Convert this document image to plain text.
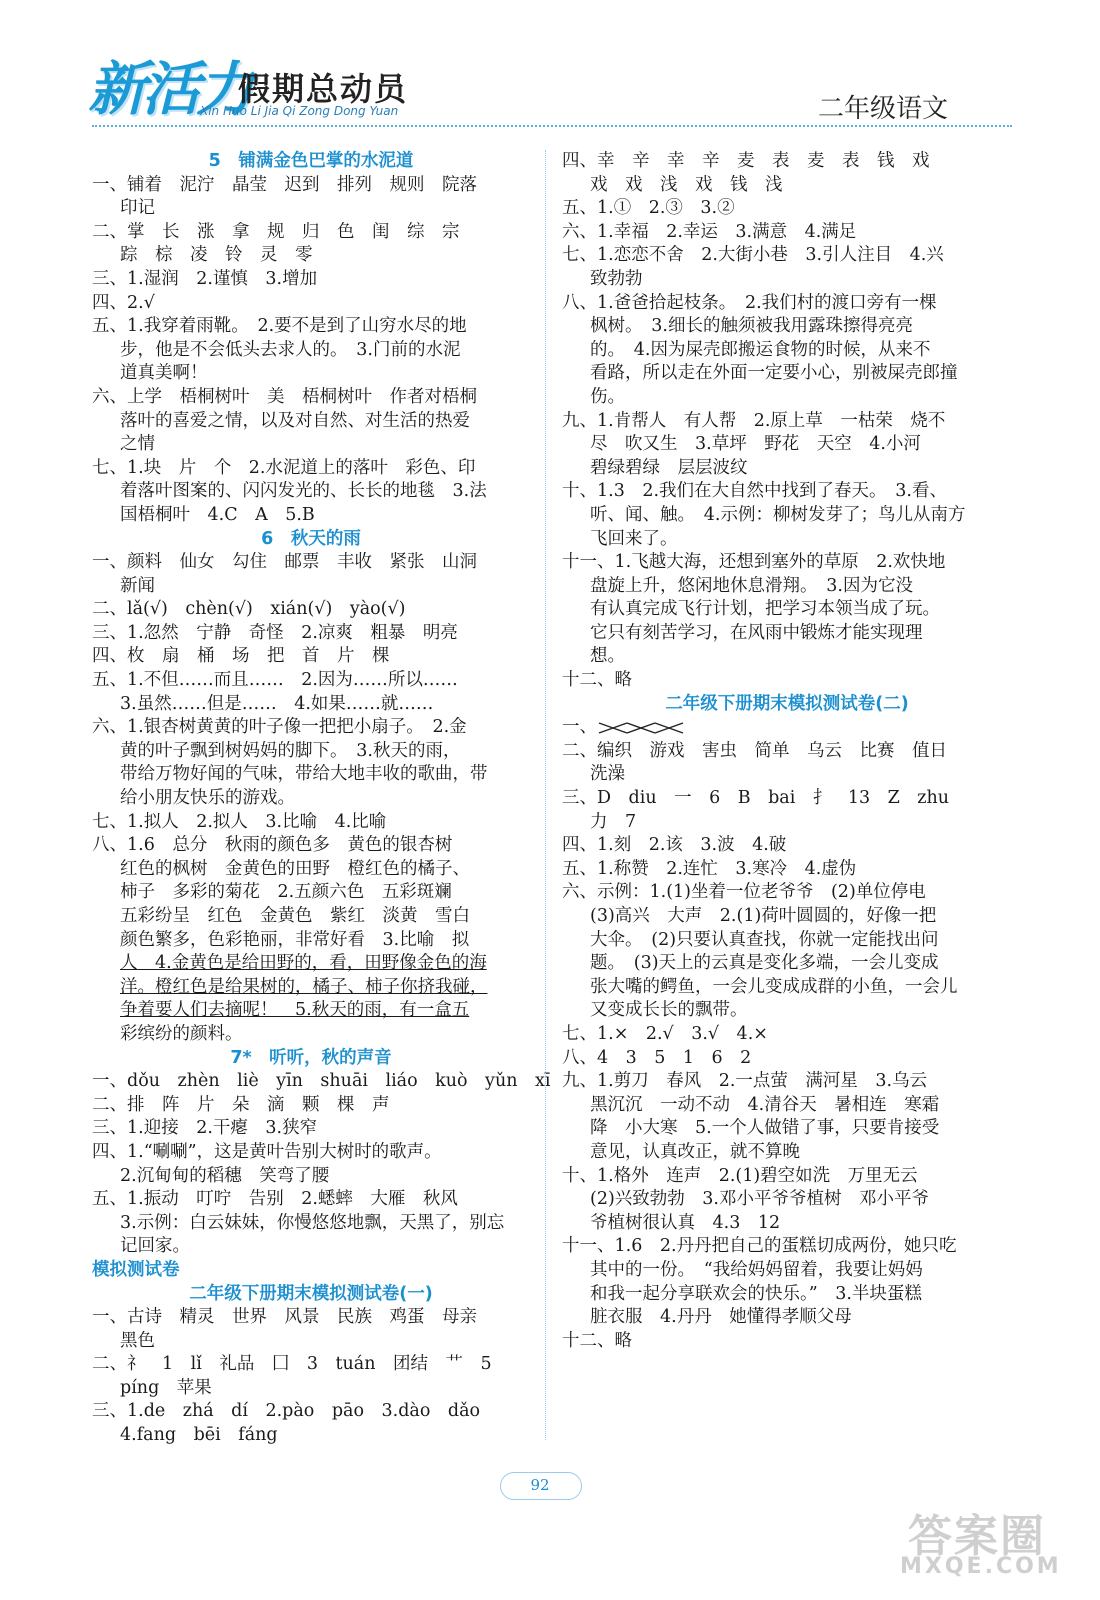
新活力
假期总动员
Xin Huo Li Jia Qi Zong Dong Yuan	二年级语文
5　铺满金色巴掌的水泥道
一、铺着　泥泞　晶莹　迟到　排列　规则　院落
印记
二、掌　长　涨　拿　规　归　色　闺　综　宗
踪　棕　凌　铃　灵　零
三、1.湿润　2.谨慎　3.增加
四、2.√
五、1.我穿着雨靴。　2.要不是到了山穷水尽的地
步，他是不会低头去求人的。　3.门前的水泥
道真美啊！
六、上学　梧桐树叶　美　梧桐树叶　作者对梧桐
落叶的喜爱之情，以及对自然、对生活的热爱
之情
七、1.块　片　个　2.水泥道上的落叶　彩色、印
着落叶图案的、闪闪发光的、长长的地毯　3.法
国梧桐叶　4.C　A　5.B
6　秋天的雨
一、颜料　仙女　勾住　邮票　丰收　紧张　山洞
新闻
二、lǎ(√)　chèn(√)　xián(√)　yào(√)
三、1.忽然　宁静　奇怪　2.凉爽　粗暴　明亮
四、枚　扇　桶　场　把　首　片　棵
五、1.不但……而且……　2.因为……所以……
3.虽然……但是……　4.如果……就……
六、1.银杏树黄黄的叶子像一把把小扇子。　2.金
黄的叶子飘到树妈妈的脚下。　3.秋天的雨，
带给万物好闻的气味，带给大地丰收的歌曲，带
给小朋友快乐的游戏。
七、1.拟人　2.拟人　3.比喻　4.比喻
八、1.6　总分　秋雨的颜色多　黄色的银杏树
红色的枫树　金黄色的田野　橙红色的橘子、
柿子　多彩的菊花　2.五颜六色　五彩斑斓
五彩纷呈　红色　金黄色　紫红　淡黄　雪白
颜色繁多，色彩艳丽，非常好看　3.比喻　拟
人　4.金黄色是给田野的，看，田野像金色的海
洋。橙红色是给果树的，橘子、柿子你挤我碰，
争着要人们去摘呢！　5.秋天的雨，有一盒五
彩缤纷的颜料。
7*　听听，秋的声音
一、dǒu　zhèn　liè　yīn　shuāi　liáo　kuò　yǔn　xī
二、排　阵　片　朵　滴　颗　棵　声
三、1.迎接　2.干瘪　3.狭窄
四、1.“唰唰”，这是黄叶告别大树时的歌声。
2.沉甸甸的稻穗　笑弯了腰
五、1.振动　叮咛　告别　2.蟋蟀　大雁　秋风
3.示例：白云妹妹，你慢悠悠地飘，天黑了，别忘
记回家。
模拟测试卷
二年级下册期末模拟测试卷(一)
一、古诗　精灵　世界　风景　民族　鸡蛋　母亲
黑色
二、礻　1　lǐ　礼品　囗　3　tuán　团结　艹　5
píng　苹果
三、1.de　zhá　dí　2.pào　pāo　3.dào　dǎo
4.fang　bēi　fáng
四、幸　辛　幸　辛　麦　表　麦　表　钱　戏
戏　戏　浅　戏　钱　浅
五、1.①　2.③　3.②
六、1.幸福　2.幸运　3.满意　4.满足
七、1.恋恋不舍　2.大街小巷　3.引人注目　4.兴
致勃勃
八、1.爸爸拾起枝条。　2.我们村的渡口旁有一棵
枫树。　3.细长的触须被我用露珠擦得亮亮
的。　4.因为屎壳郎搬运食物的时候，从来不
看路，所以走在外面一定要小心，别被屎壳郎撞
伤。
九、1.肯帮人　有人帮　2.原上草　一枯荣　烧不
尽　吹又生　3.草坪　野花　天空　4.小河
碧绿碧绿　层层波纹
十、1.3　2.我们在大自然中找到了春天。　3.看、
听、闻、触。　4.示例：柳树发芽了；鸟儿从南方
飞回来了。
十一、1.飞越大海，还想到塞外的草原　2.欢快地
盘旋上升，悠闲地休息滑翔。　3.因为它没
有认真完成飞行计划，把学习本领当成了玩。
它只有刻苦学习，在风雨中锻炼才能实现理
想。
十二、略
二年级下册期末模拟测试卷(二)
一、
二、编织　游戏　害虫　简单　乌云　比赛　值日
洗澡
三、D　diu　一　6　B　bai　扌　13　Z　zhu
力　7
四、1.刻　2.该　3.波　4.破
五、1.称赞　2.连忙　3.寒冷　4.虚伪
六、示例：1.(1)坐着一位老爷爷　(2)单位停电
(3)高兴　大声　2.(1)荷叶圆圆的，好像一把
大伞。　(2)只要认真查找，你就一定能找出问
题。　(3)天上的云真是变化多端，一会儿变成
张大嘴的鳄鱼，一会儿变成成群的小鱼，一会儿
又变成长长的飘带。
七、1.×　2.√　3.√　4.×
八、4　3　5　1　6　2
九、1.剪刀　春风　2.一点萤　满河星　3.乌云
黑沉沉　一动不动　4.清谷天　暑相连　寒霜
降　小大寒　5.一个人做错了事，只要肯接受
意见，认真改正，就不算晚
十、1.格外　连声　2.(1)碧空如洗　万里无云
(2)兴致勃勃　3.邓小平爷爷植树　邓小平爷
爷植树很认真　4.3　12
十一、1.6　2.丹丹把自己的蛋糕切成两份，她只吃
其中的一份。　“我给妈妈留着，我要让妈妈
和我一起分享联欢会的快乐。”　3.半块蛋糕
脏衣服　4.丹丹　她懂得孝顺父母
十二、略
92
答案圈
MXQE.COM
